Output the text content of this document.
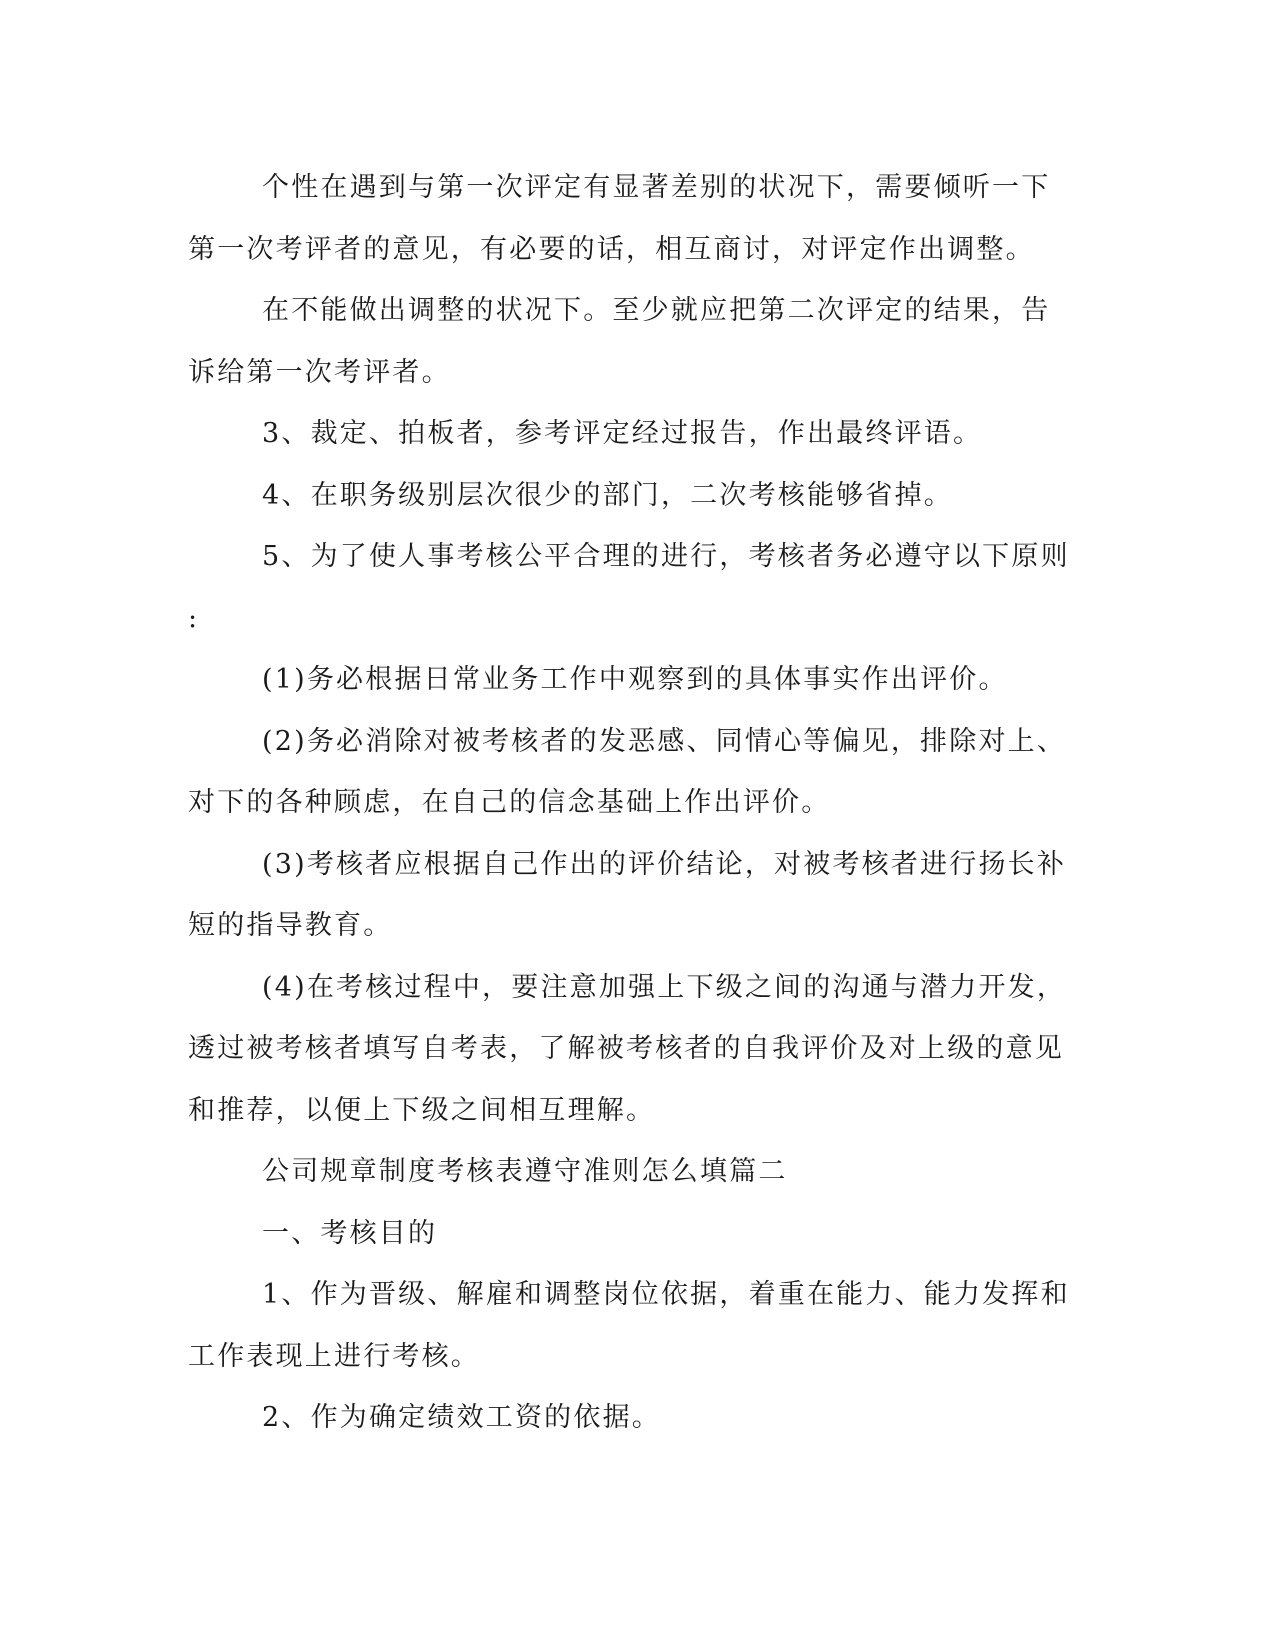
个性在遇到与第一次评定有显著差别的状况下，需要倾听一下第一次考评者的意见，有必要的话，相互商讨，对评定作出调整。

在不能做出调整的状况下。至少就应把第二次评定的结果，告诉给第一次考评者。

3、裁定、拍板者，参考评定经过报告，作出最终评语。

4、在职务级别层次很少的部门，二次考核能够省掉。

5、为了使人事考核公平合理的进行，考核者务必遵守以下原则

:

(1)务必根据日常业务工作中观察到的具体事实作出评价。

(2)务必消除对被考核者的发恶感、同情心等偏见，排除对上、对下的各种顾虑，在自己的信念基础上作出评价。

(3)考核者应根据自己作出的评价结论，对被考核者进行扬长补短的指导教育。

(4)在考核过程中，要注意加强上下级之间的沟通与潜力开发，透过被考核者填写自考表，了解被考核者的自我评价及对上级的意见和推荐，以便上下级之间相互理解。

公司规章制度考核表遵守准则怎么填篇二

一、考核目的

1、作为晋级、解雇和调整岗位依据，着重在能力、能力发挥和工作表现上进行考核。

2、作为确定绩效工资的依据。
